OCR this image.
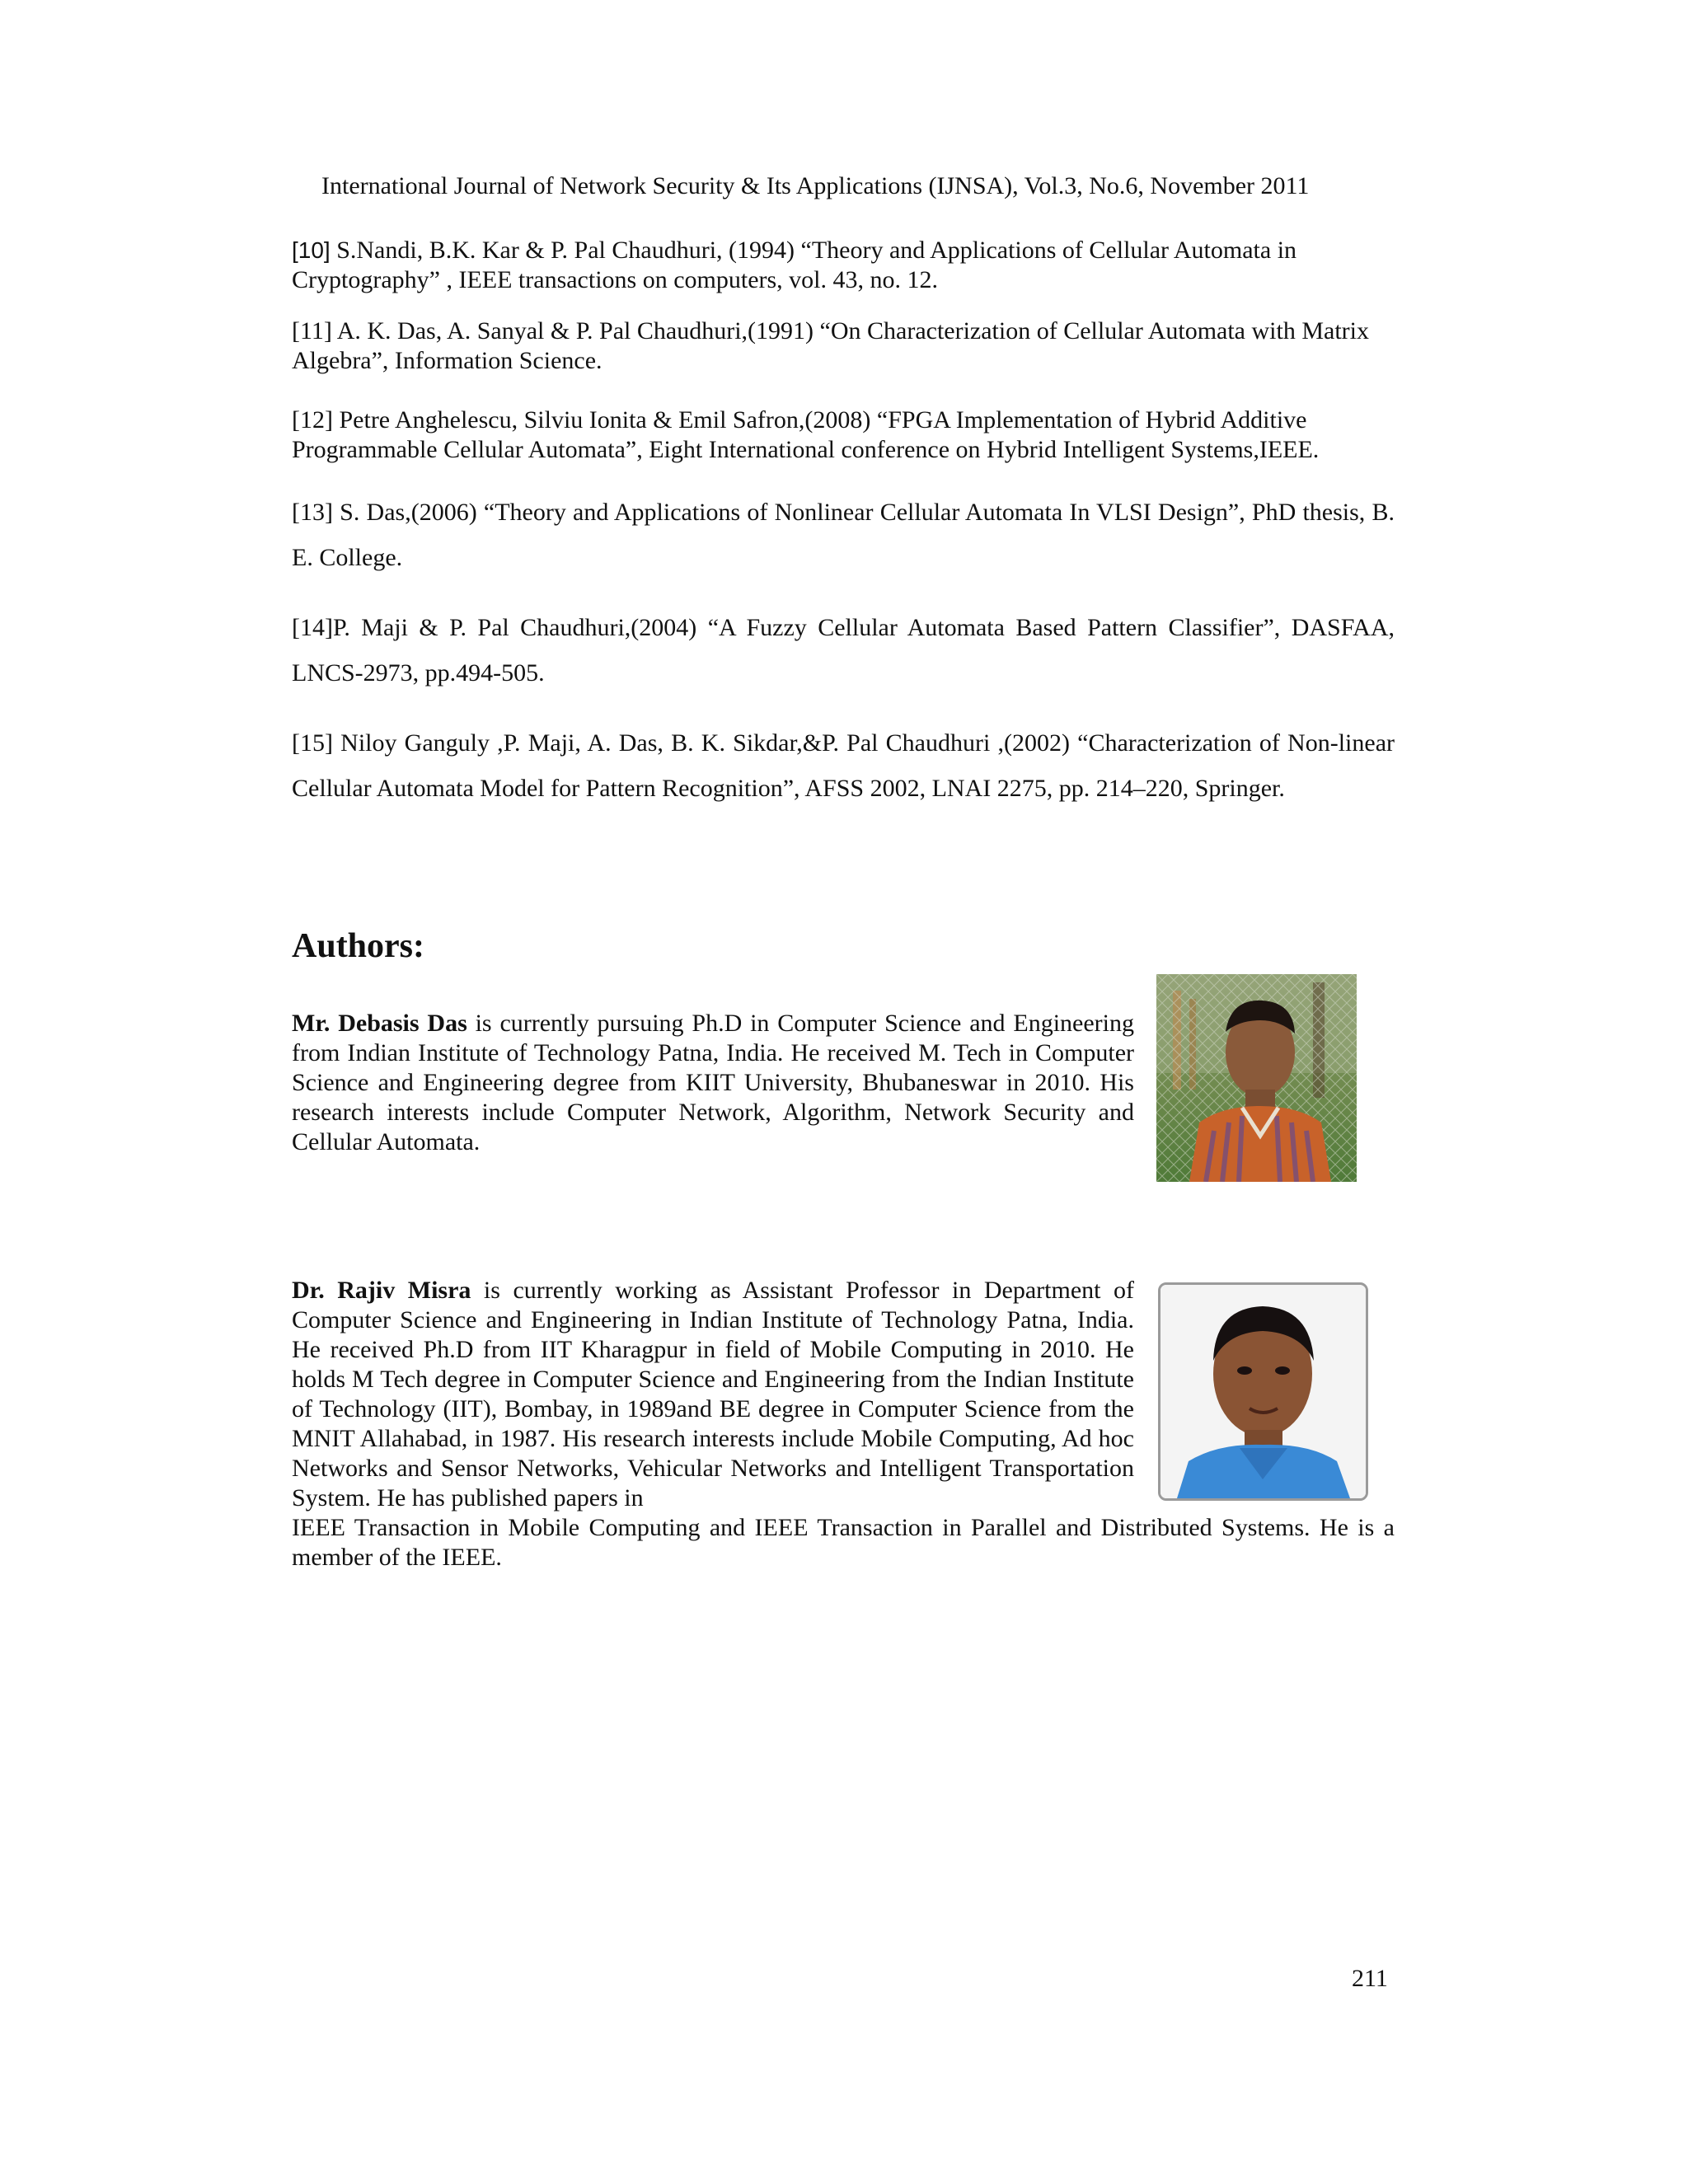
International Journal of Network Security & Its Applications (IJNSA), Vol.3, No.6, November 2011

[10] S.Nandi, B.K. Kar & P. Pal Chaudhuri, (1994) “Theory and Applications of Cellular Automata in Cryptography” , IEEE transactions on computers, vol. 43, no. 12.

[11] A. K. Das, A. Sanyal & P. Pal Chaudhuri,(1991) “On Characterization of Cellular Automata with Matrix Algebra”, Information Science.

[12] Petre Anghelescu, Silviu Ionita & Emil Safron,(2008) “FPGA Implementation of Hybrid Additive Programmable Cellular Automata”, Eight International conference on Hybrid Intelligent Systems,IEEE.

[13] S. Das,(2006) “Theory and Applications of Nonlinear Cellular Automata In VLSI Design”, PhD thesis, B. E. College.

[14]P. Maji & P. Pal Chaudhuri,(2004) “A Fuzzy Cellular Automata Based Pattern Classifier”, DASFAA, LNCS-2973, pp.494-505.

[15] Niloy Ganguly ,P. Maji, A. Das, B. K. Sikdar,&P. Pal Chaudhuri ,(2002) “Characterization of Non-linear Cellular Automata Model for Pattern Recognition”, AFSS 2002, LNAI 2275, pp. 214–220, Springer.

Authors:

Mr. Debasis Das is currently pursuing Ph.D in Computer Science and Engineering from Indian Institute of Technology Patna, India. He received M. Tech in Computer Science and Engineering degree from KIIT University, Bhubaneswar in 2010. His research interests include Computer Network, Algorithm, Network Security and Cellular Automata.

Dr. Rajiv Misra is currently working as Assistant Professor in Department of Computer Science and Engineering in Indian Institute of Technology Patna, India. He received Ph.D from IIT Kharagpur in field of Mobile Computing in 2010. He holds M Tech degree in Computer Science and Engineering from the Indian Institute of Technology (IIT), Bombay, in 1989and BE degree in Computer Science from the MNIT Allahabad, in 1987. His research interests include Mobile Computing, Ad hoc Networks and Sensor Networks, Vehicular Networks and Intelligent Transportation System. He has published papers in

IEEE Transaction in Mobile Computing and IEEE Transaction in Parallel and Distributed Systems. He is a member of the IEEE.

211
